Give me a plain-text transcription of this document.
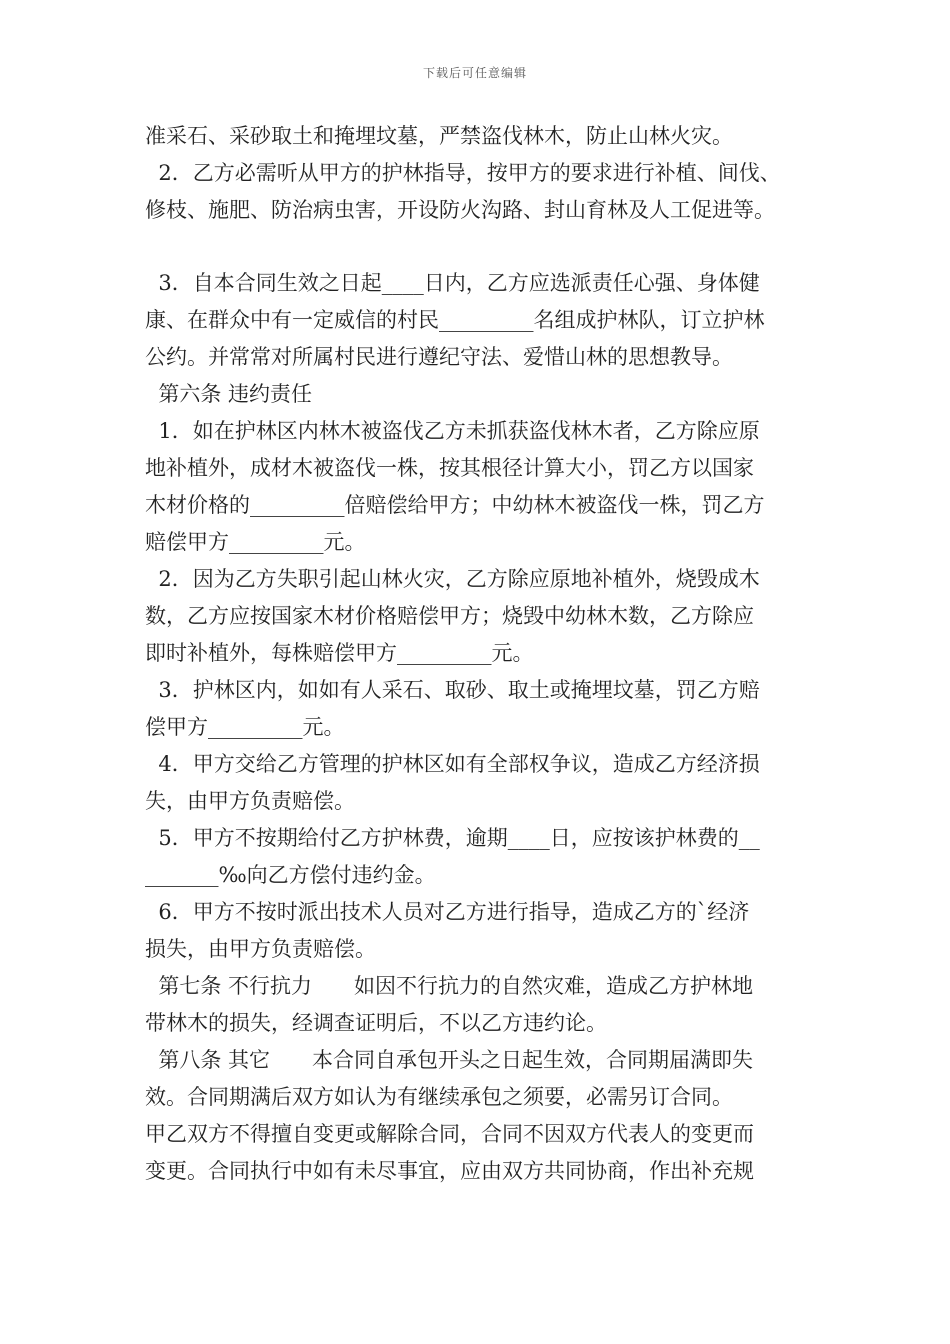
下载后可任意编辑
准采石、采砂取土和掩埋坟墓，严禁盗伐林木，防止山林火灾。
2．乙方必需听从甲方的护林指导，按甲方的要求进行补植、间伐、
修枝、施肥、防治病虫害，开设防火沟路、封山育林及人工促进等。
3．自本合同生效之日起____日内，乙方应选派责任心强、身体健
康、在群众中有一定威信的村民_________名组成护林队，订立护林
公约。并常常对所属村民进行遵纪守法、爱惜山林的思想教导。
第六条 违约责任
1．如在护林区内林木被盗伐乙方未抓获盗伐林木者，乙方除应原
地补植外，成材木被盗伐一株，按其根径计算大小，罚乙方以国家
木材价格的_________倍赔偿给甲方；中幼林木被盗伐一株，罚乙方
赔偿甲方_________元。
2．因为乙方失职引起山林火灾，乙方除应原地补植外，烧毁成木
数，乙方应按国家木材价格赔偿甲方；烧毁中幼林木数，乙方除应
即时补植外，每株赔偿甲方_________元。
3．护林区内，如如有人采石、取砂、取土或掩埋坟墓，罚乙方赔
偿甲方_________元。
4．甲方交给乙方管理的护林区如有全部权争议，造成乙方经济损
失，由甲方负责赔偿。
5．甲方不按期给付乙方护林费，逾期____日，应按该护林费的__
_______‰向乙方偿付违约金。
6．甲方不按时派出技术人员对乙方进行指导，造成乙方的`经济
损失，由甲方负责赔偿。
第七条 不行抗力　　如因不行抗力的自然灾难，造成乙方护林地
带林木的损失，经调查证明后，不以乙方违约论。
第八条 其它　　本合同自承包开头之日起生效，合同期届满即失
效。合同期满后双方如认为有继续承包之须要，必需另订合同。
甲乙双方不得擅自变更或解除合同，合同不因双方代表人的变更而
变更。合同执行中如有未尽事宜，应由双方共同协商，作出补充规
